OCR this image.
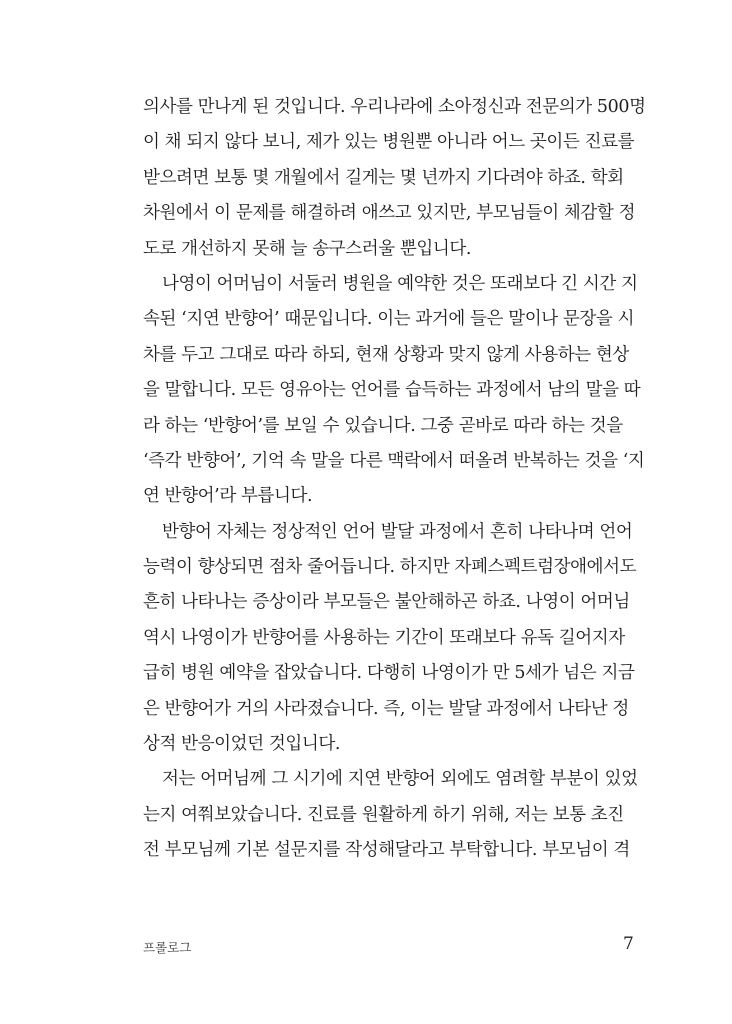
의사를 만나게 된 것입니다. 우리나라에 소아정신과 전문의가 500명
이 채 되지 않다 보니, 제가 있는 병원뿐 아니라 어느 곳이든 진료를
받으려면 보통 몇 개월에서 길게는 몇 년까지 기다려야 하죠. 학회
차원에서 이 문제를 해결하려 애쓰고 있지만, 부모님들이 체감할 정
도로 개선하지 못해 늘 송구스러울 뿐입니다.
나영이 어머님이 서둘러 병원을 예약한 것은 또래보다 긴 시간 지
속된 ‘지연 반향어’ 때문입니다. 이는 과거에 들은 말이나 문장을 시
차를 두고 그대로 따라 하되, 현재 상황과 맞지 않게 사용하는 현상
을 말합니다. 모든 영유아는 언어를 습득하는 과정에서 남의 말을 따
라 하는 ‘반향어’를 보일 수 있습니다. 그중 곧바로 따라 하는 것을
‘즉각 반향어’, 기억 속 말을 다른 맥락에서 떠올려 반복하는 것을 ‘지
연 반향어’라 부릅니다.
반향어 자체는 정상적인 언어 발달 과정에서 흔히 나타나며 언어
능력이 향상되면 점차 줄어듭니다. 하지만 자폐스펙트럼장애에서도
흔히 나타나는 증상이라 부모들은 불안해하곤 하죠. 나영이 어머님
역시 나영이가 반향어를 사용하는 기간이 또래보다 유독 길어지자
급히 병원 예약을 잡았습니다. 다행히 나영이가 만 5세가 넘은 지금
은 반향어가 거의 사라졌습니다. 즉, 이는 발달 과정에서 나타난 정
상적 반응이었던 것입니다.
저는 어머님께 그 시기에 지연 반향어 외에도 염려할 부분이 있었
는지 여쭤보았습니다. 진료를 원활하게 하기 위해, 저는 보통 초진
전 부모님께 기본 설문지를 작성해달라고 부탁합니다. 부모님이 격
프롤로그	7
